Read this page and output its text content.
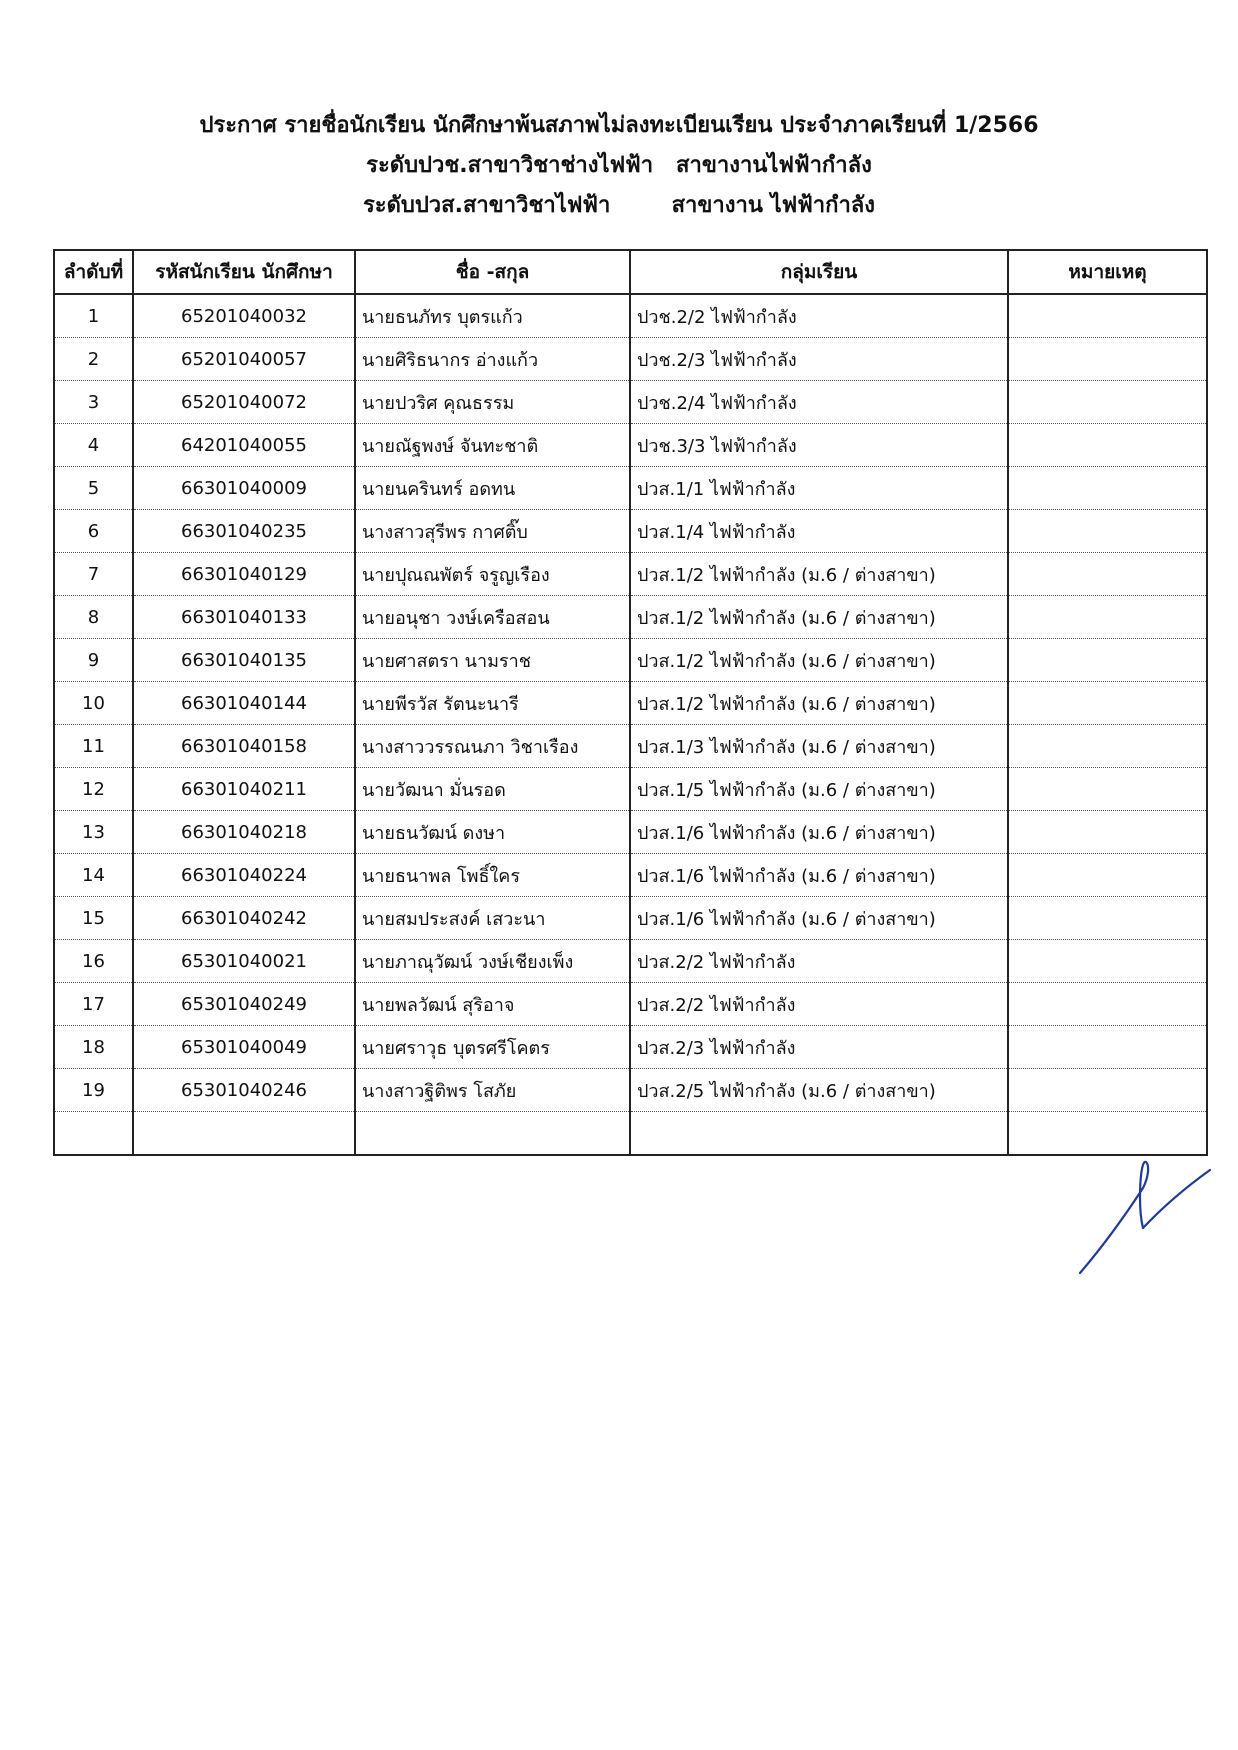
ประกาศ รายชื่อนักเรียน นักศึกษาพ้นสภาพไม่ลงทะเบียนเรียน ประจำภาคเรียนที่ 1/2566
ระดับปวช.สาขาวิชาช่างไฟฟ้า   สาขางานไฟฟ้ากำลัง
ระดับปวส.สาขาวิชาไฟฟ้า        สาขางาน ไฟฟ้ากำลัง
ลำดับที่	รหัสนักเรียน นักศึกษา	ชื่อ -สกุล	กลุ่มเรียน	หมายเหตุ
1	65201040032	นายธนภัทร บุตรแก้ว	ปวช.2/2 ไฟฟ้ากำลัง	
2	65201040057	นายศิริธนากร อ่างแก้ว	ปวช.2/3 ไฟฟ้ากำลัง	
3	65201040072	นายปวริศ คุณธรรม	ปวช.2/4 ไฟฟ้ากำลัง	
4	64201040055	นายณัฐพงษ์ จันทะชาติ	ปวช.3/3 ไฟฟ้ากำลัง	
5	66301040009	นายนครินทร์ อดทน	ปวส.1/1 ไฟฟ้ากำลัง	
6	66301040235	นางสาวสุรีพร กาศติ๊บ	ปวส.1/4 ไฟฟ้ากำลัง	
7	66301040129	นายปุณณพัตร์ จรูญเรือง	ปวส.1/2 ไฟฟ้ากำลัง (ม.6 / ต่างสาขา)	
8	66301040133	นายอนุชา วงษ์เครือสอน	ปวส.1/2 ไฟฟ้ากำลัง (ม.6 / ต่างสาขา)	
9	66301040135	นายศาสตรา นามราช	ปวส.1/2 ไฟฟ้ากำลัง (ม.6 / ต่างสาขา)	
10	66301040144	นายพีรวัส รัตนะนารี	ปวส.1/2 ไฟฟ้ากำลัง (ม.6 / ต่างสาขา)	
11	66301040158	นางสาววรรณนภา วิชาเรือง	ปวส.1/3 ไฟฟ้ากำลัง (ม.6 / ต่างสาขา)	
12	66301040211	นายวัฒนา มั่นรอด	ปวส.1/5 ไฟฟ้ากำลัง (ม.6 / ต่างสาขา)	
13	66301040218	นายธนวัฒน์ ดงษา	ปวส.1/6 ไฟฟ้ากำลัง (ม.6 / ต่างสาขา)	
14	66301040224	นายธนาพล โพธิ์ใคร	ปวส.1/6 ไฟฟ้ากำลัง (ม.6 / ต่างสาขา)	
15	66301040242	นายสมประสงค์ เสวะนา	ปวส.1/6 ไฟฟ้ากำลัง (ม.6 / ต่างสาขา)	
16	65301040021	นายภาณุวัฒน์ วงษ์เชียงเพ็ง	ปวส.2/2 ไฟฟ้ากำลัง	
17	65301040249	นายพลวัฒน์ สุริอาจ	ปวส.2/2 ไฟฟ้ากำลัง	
18	65301040049	นายศราวุธ บุตรศรีโคตร	ปวส.2/3 ไฟฟ้ากำลัง	
19	65301040246	นางสาวฐิติพร โสภัย	ปวส.2/5 ไฟฟ้ากำลัง (ม.6 / ต่างสาขา)	
